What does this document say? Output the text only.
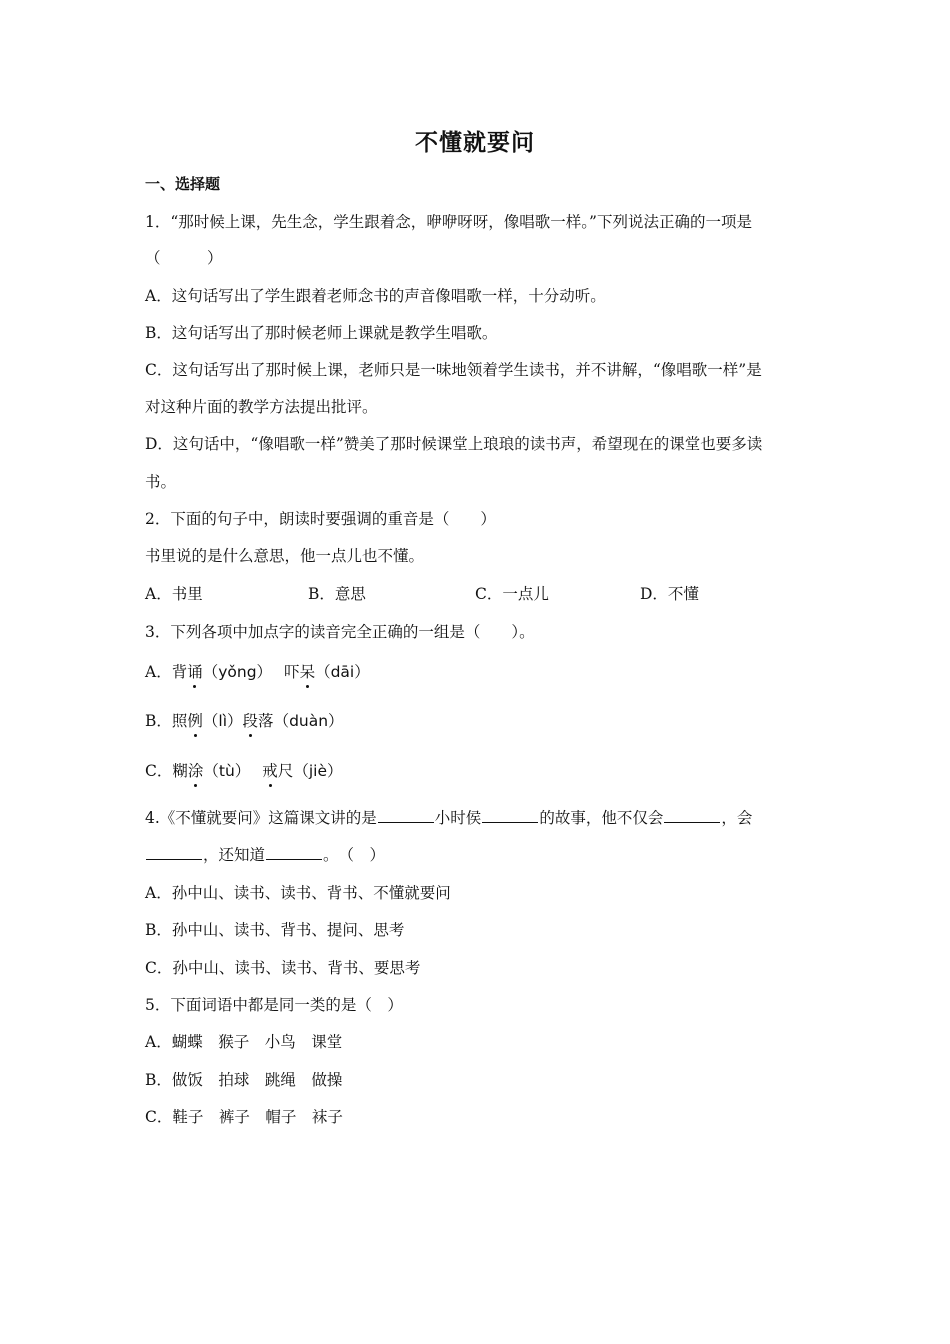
不懂就要问
一、选择题
1．“那时候上课，先生念，学生跟着念，咿咿呀呀，像唱歌一样。”下列说法正确的一项是
（　　　）
A．这句话写出了学生跟着老师念书的声音像唱歌一样，十分动听。
B．这句话写出了那时候老师上课就是教学生唱歌。
C．这句话写出了那时候上课，老师只是一味地领着学生读书，并不讲解，“像唱歌一样”是
对这种片面的教学方法提出批评。
D．这句话中，“像唱歌一样”赞美了那时候课堂上琅琅的读书声，希望现在的课堂也要多读
书。
2．下面的句子中，朗读时要强调的重音是（　　）
书里说的是什么意思，他一点儿也不懂。
A．书里	B．意思	C．一点儿	D．不懂
3．下列各项中加点字的读音完全正确的一组是（　　）。
A．背诵（yǒng） 吓呆（dāi）
B．照例（lì）段落（duàn）
C．糊涂（tù） 戒尺（jiè）
4.《不懂就要问》这篇课文讲的是	小时侯	的故事，他不仅会	，会
，还知道	。　（　）
A．孙中山、读书、读书、背书、不懂就要问
B．孙中山、读书、背书、提问、思考
C．孙中山、读书、读书、背书、要思考
5．下面词语中都是同一类的是（　）
A．蝴蝶　猴子　小鸟　课堂
B．做饭　拍球　跳绳　做操
C．鞋子　裤子　帽子　袜子
